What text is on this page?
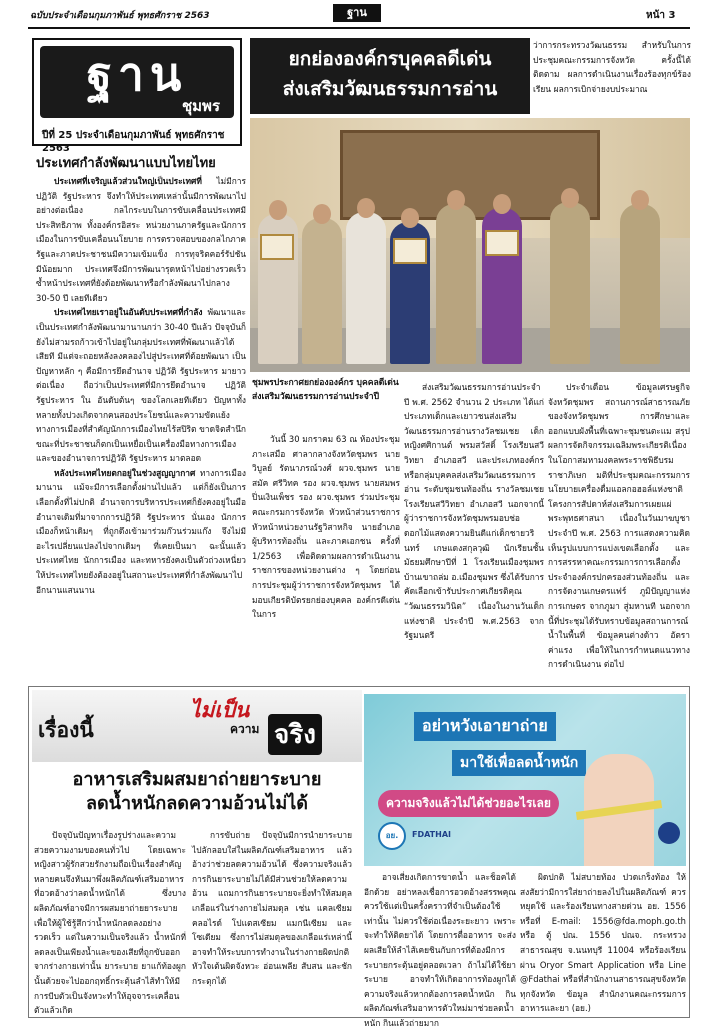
ฉบับประจำเดือนกุมภาพันธ์ พุทธศักราช 2563	ฐาน	หน้า 3
ฐาน
ชุมพร
ปีที่ 25 ประจำเดือนกุมภาพันธ์ พุทธศักราช 2563
ยกย่ององค์กรบุคคลดีเด่น
ส่งเสริมวัฒนธรรมการอ่าน
ว่าการกระทรวงวัฒนธรรม สำหรับในการประชุมคณะกรรมการจังหวัด ครั้งนี้ได้ติดตาม ผลการดำเนินงานเรื่องร้องทุกข์ร้องเรียน ผลการเบิกจ่ายงบประมาณ
ประเทศกำลังพัฒนาแบบไทยไทย

ประเทศที่เจริญแล้วส่วนใหญ่เป็นประเทศที่ ไม่มีการปฏิวัติ รัฐประหาร จึงทำให้ประเทศเหล่านั้นมีการพัฒนาไปอย่างต่อเนื่อง กลไกระบบในการขับเคลื่อนประเทศมีประสิทธิภาพ ทั้งองค์กรอิสระ หน่วยงานภาครัฐและนักการเมืองในการขับเคลื่อนนโยบาย การตรวจสอบของกลไกภาครัฐและภาคประชาชนมีความเข้มแข็ง การทุจริตคอร์รัปชันมีน้อยมาก ประเทศจึงมีการพัฒนารุดหน้าไปอย่างรวดเร็ว ซ้ำหน้าประเทศที่ยังด้อยพัฒนาหรือกำลังพัฒนาไปกลาง 30-50 ปี เลยทีเดียว

ประเทศไทยเราอยู่ในอันดับประเทศที่กำลัง พัฒนาและเป็นประเทศกำลังพัฒนามานานกว่า 30-40 ปีแล้ว ปัจจุบันก็ยังไม่สามรถก้าวเข้าไปอยู่ในกลุ่มประเทศที่พัฒนาแล้วได้เสียที มีแต่จะถอยหลังลงคลองไปสู่ประเทศที่ด้อยพัฒนา เป็นปัญหาหลัก ๆ คือมีการยึดอำนาจ ปฏิวัติ รัฐประหาร มายาวต่อเนื่อง ถือว่าเป็นประเทศที่มีการยึดอำนาจ ปฏิวัติ รัฐประหาร ใน อันดับต้นๆ ของโลกเลยทีเดียว ปัญหาทั้งหลายทั้งปวงเกิดจากคนสองประโยชน์และความขัดแย้งทางการเมืองที่สำคัญนักการเมืองไทยไร้สปิริต ขาดจิตสำนึก ขณะที่ประชาชนก็ตกเป็นเหยื่อเป็นเครื่องมือทางการเมืองและของอำนาจการปฏิวัติ รัฐประหาร มาตลอด

หลังประเทศไทยตกอยู่ในช่วงสูญญากาศ ทางการเมืองมานาน แม้จะมีการเลือกตั้งผ่านไปแล้ว แต่ก็ยังเป็นการเลือกตั้งที่ไม่ปกติ อำนาจการบริหารประเทศก็ยังคงอยู่ในมืออำนาจเดิมที่มาจากการปฏิวัติ รัฐประหาร นั่นเอง นักการเมืองก็หน้าเดิมๆ ที่ถูกดึงเข้ามาร่วมก๊วนร่วมแก๊ง จึงไม่มีอะไรเปลี่ยนแปลงไปจากเดิมๆ ที่เคยเป็นมา ฉะนั้นแล้วประเทศไทย นักการเมือง และทหารยังคงเป็นตัวถ่วงเหนี่ยวให้ประเทศไทยยังต้องอยู่ในสถานะประเทศที่กำลังพัฒนาไปอีกนานแสนนาน

ชุมพรประกาศยกย่ององค์กร บุคคลดีเด่น ส่งเสริมวัฒนธรรมการอ่านประจำปี

วันนี้ 30 มกราคม 63 ณ ห้องประชุมภาะเสมือ ศาลากลางจังหวัดชุมพร นายวิบูลย์ รัตนาภรณ์วงศ์ ผวจ.ชุมพร นายสมัค ศรีวิทค รอง ผวจ.ชุมพร นายสมพร ปิ่นเงินเพ็ชร รอง ผวจ.ชุมพร ร่วมประชุมคณะกรมการจังหวัด หัวหน้าส่วนราชการ หัวหน้าหน่วยงานรัฐวิสาหกิจ นายอำเภอ ผู้บริหารท้องถิ่น และภาคเอกชน ครั้งที่ 1/2563 เพื่อติดตามผลการดำเนินงานราชการของหน่วยงานต่าง ๆ โดยก่อนการประชุมผู้ว่าราชการจังหวัดชุมพร ได้มอบเกียรติบัตรยกย่องบุคคล องค์กรดีเด่นในการ

ส่งเสริมวัฒนธรรมการอ่านประจำปี พ.ศ. 2562 จำนวน 2 ประเภท ได้แก่ ประเภทเด็กและเยาวชนส่งเสริมวัฒนธรรมการอ่านรางวัลชมเชย เด็กหญิงศศิกานต์ พรมสวัสดิ์ โรงเรียนสวีวิทยา อำเภอสวี และประเภทองค์กรหรือกลุ่มบุคคลส่งเสริมวัฒนธรรมการอ่าน ระดับชุมชนท้องถิ่น รางวัลชมเชย โรงเรียนสวีวิทยา อำเภอสวี นอกจากนี้ผู้ว่าราชการจังหวัดชุมพรมอบช่อดอกไม้แสดงความยินดีแก่เด็กชายวรินทร์ เกษแดงสกุลวุฒิ นักเรียนชั้นมัธยมศึกษาปีที่ 1 โรงเรียนเมืองชุมพร บ้านเขาถล่ม อ.เมืองชุมพร ซึ่งได้รับการคัดเลือกเข้ารับประกาศเกียรติคุณ “วัฒนธรรมวินิต” เนื่องในงานวันเด็กแห่งชาติ ประจำปี พ.ศ.2563 จากรัฐมนตรี

ประจำเดือน ข้อมูลเศรษฐกิจจังหวัดชุมพร สถานการณ์สาธารณภัยของจังหวัดชุมพร การศึกษาและออกแบบผังพื้นที่เฉพาะชุมชนตะแม สรุปผลการจัดกิจกรรมเฉลิมพระเกียรติเนื่องในโอกาสมหามงคลพระราชพิธีบรมราชาภิเษก มติที่ประชุมคณะกรรมการนโยบายเครื่องดื่มแอลกอฮอล์แห่งชาติ โครงการสัปดาห์ส่งเสริมการเผยแผ่พระพุทธศาสนา เนื่องในวันมาฆบูชาประจำปี พ.ศ. 2563 การแสดงความคิดเห็นรูปแบบการแบ่งเขตเลือกตั้ง และการสรรหาคณะกรรมการการเลือกตั้งประจำองค์กรปกครองส่วนท้องถิ่น และการจัดงานเกษตรแฟร์ ภูมิปัญญาแห่งการเกษตร จากภูมา สู่มหานที นอกจากนี้ที่ประชุมได้รับทราบข้อมูลสถานการณ์น้ำในพื้นที่ ข้อมูลคนต่างด้าว อัตราค่าแรง เพื่อให้ในการกำหนดแนวทางการดำเนินงาน ต่อไป

เรื่องนี้
ไม่เป็น
ความ จริง
อาหารเสริมผสมยาถ่ายยาระบาย
ลดน้ำหนักลดความอ้วนไม่ได้

ปัจจุบันปัญหาเรื่องรูปร่างและความสวยความงามของคนทั่วไป โดยเฉพาะหญิงสาวผู้รักสวยรักงามถือเป็นเรื่องสำคัญ หลายคนจึงหันมาพึ่งผลิตภัณฑ์เสริมอาหารที่อวดอ้างว่าลดน้ำหนักได้ ซึ่งบางผลิตภัณฑ์อาจมีการผสมยาถ่ายยาระบาย เพื่อให้ผู้ใช้รู้สึกว่าน้ำหนักลดลงอย่างรวดเร็ว แต่ในความเป็นจริงแล้ว น้ำหนักที่ลดลงเป็นเพียงน้ำและของเสียที่ถูกขับออกจากร่างกายเท่านั้น ยาระบาย ยาแก้ท้องผูกนั้นด้วยจะไปออกฤทธิ์กระตุ้นลำไส้ทำให้มีการบีบตัวเป็นจังหวะทำให้อุจจาระเคลื่อนตัวแล้วเกิด

การขับถ่าย ปัจจุบันมีการนำยาระบายไปลักลอบใส่ในผลิตภัณฑ์เสริมอาหาร แล้วอ้างว่าช่วยลดความอ้วนได้ ซึ่งความจริงแล้วการกินยาระบายไม่ได้มีส่วนช่วยให้ลดความอ้วน แถมการกินยาระบายจะยิ่งทำให้สมดุลเกลือแร่ในร่างกายไม่สมดุล เช่น แคลเซียม คลอไรด์ โปแตสเซียม แมกนีเซียม และโซเดียม ซึ่งการไม่สมดุลของเกลือแร่เหล่านี้อาจทำให้ระบบการทำงานในร่างกายผิดปกติ หัวใจเต้นผิดจังหวะ อ่อนเพลีย สับสน และชักกระตุกได้

อย่าหวังเอายาถ่าย
มาใช้เพื่อลดน้ำหนัก
ความจริงแล้วไม่ได้ช่วยอะไรเลย
อย.	FDATHAI

อาจเสี่ยงเกิดการขาดน้ำ และช็อคได้อีกด้วย อย่าหลงเชื่อการอวดอ้างสรรพคุณ ควรใช้แต่เป็นครั้งคราวที่จำเป็นต้องใช้เท่านั้น ไม่ควรใช้ต่อเนื่องระยะยาว เพราะจะทำให้ติดยาได้ โดยการตื่ออาหาร จะส่งผลเสียให้ลำไส้เคยชินกับการที่ต้องมีการระบายกระตุ้นอยู่ตลอดเวลา ถ้าไม่ได้ใช้ยาระบาย อาจทำให้เกิดอาการท้องผูกได้ ความจริงแล้วหากต้องการลดน้ำหนัก กินผลิตภัณฑ์เสริมอาหารตัวใหม่มาช่วยลดน้ำหนัก กินแล้วถ่ายมาก

ผิดปกติ ไม่สบายท้อง ปวดเกร็งท้อง ให้สงสัยว่ามีการใส่ยาถ่ายลงไปในผลิตภัณฑ์ ควรหยุดใช้ และร้องเรียนทางสายด่วน อย. 1556 หรือที่ E-mail: 1556@fda.moph.go.th หรือ ตู้ ปณ. 1556 ปณจ. กระทรวงสาธารณสุข จ.นนทบุรี 11004 หรือร้องเรียน ผ่าน Oryor Smart Application หรือ Line @Fdathai หรือที่สำนักงานสาธารณสุขจังหวัดทุกจังหวัด ข้อมูล สำนักงานคณะกรรมการอาหารและยา (อย.)
